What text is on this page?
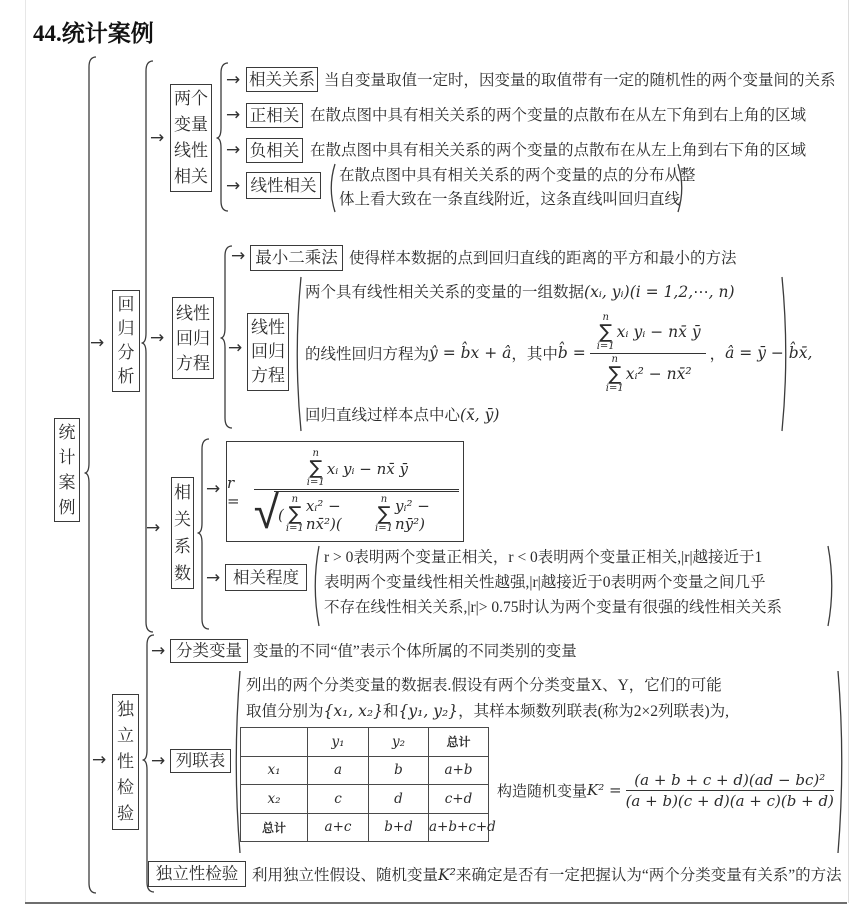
44.统计案例
统计案例
→
回归分析
→
独立性检验
→
两个变量线性相关
→ 相关关系 当自变量取值一定时，因变量的取值带有一定的随机性的两个变量间的关系
→ 正相关 在散点图中具有相关关系的两个变量的点散布在从左下角到右上角的区域
→ 负相关 在散点图中具有相关关系的两个变量的点散布在从左上角到右下角的区域
→ 线性相关 在散点图中具有相关关系的两个变量的点的分布从整
体上看大致在一条直线附近，这条直线叫回归直线
→
线性回归方程
→ 最小二乘法 使得样本数据的点到回归直线的距离的平方和最小的方法
→
线性回归方程
两个具有线性相关关系的变量的一组数据(xᵢ, yᵢ)(i = 1,2,⋯, n)
的线性回归方程为 ŷ = b̂x + â ，其中 b̂ = n
∑
i=1
xᵢ yᵢ − nx̄ ȳ
n
∑
i=1
xᵢ² − nx̄² ， â = ȳ − b̂x̄,
回归直线过样本点中心(x̄, ȳ)
→
相关系数
→ r =
n
∑
i=1
xᵢ yᵢ − nx̄ ȳ
√ (
n
∑
i=1
xᵢ² − nx̄²)(
n
∑
i=1
yᵢ² − nȳ²)
→ 相关程度
r > 0表明两个变量正相关，r < 0表明两个变量正相关,|r|越接近于1
表明两个变量线性相关性越强,|r|越接近于0表明两个变量之间几乎
不存在线性相关关系,|r|> 0.75时认为两个变量有很强的线性相关关系
→ 分类变量 变量的不同“值”表示个体所属的不同类别的变量
→ 列联表
列出的两个分类变量的数据表.假设有两个分类变量X、Y，它们的可能
取值分别为{x₁, x₂}和{y₁, y₂}，其样本频数列联表(称为2×2列联表)为,
	y₁	y₂	总计
x₁	a	b	a+b
x₂	c	d	c+d
总计	a+c	b+d	a+b+c+d
构造随机变量 $K^2 = \frac{\text{(a + b + c + d)(ad − bc)²}}{(a + b)(c + d)(a + c)(b + d)}$
独立性检验 利用独立性假设、随机变量K²来确定是否有一定把握认为“两个分类变量有关系”的方法
